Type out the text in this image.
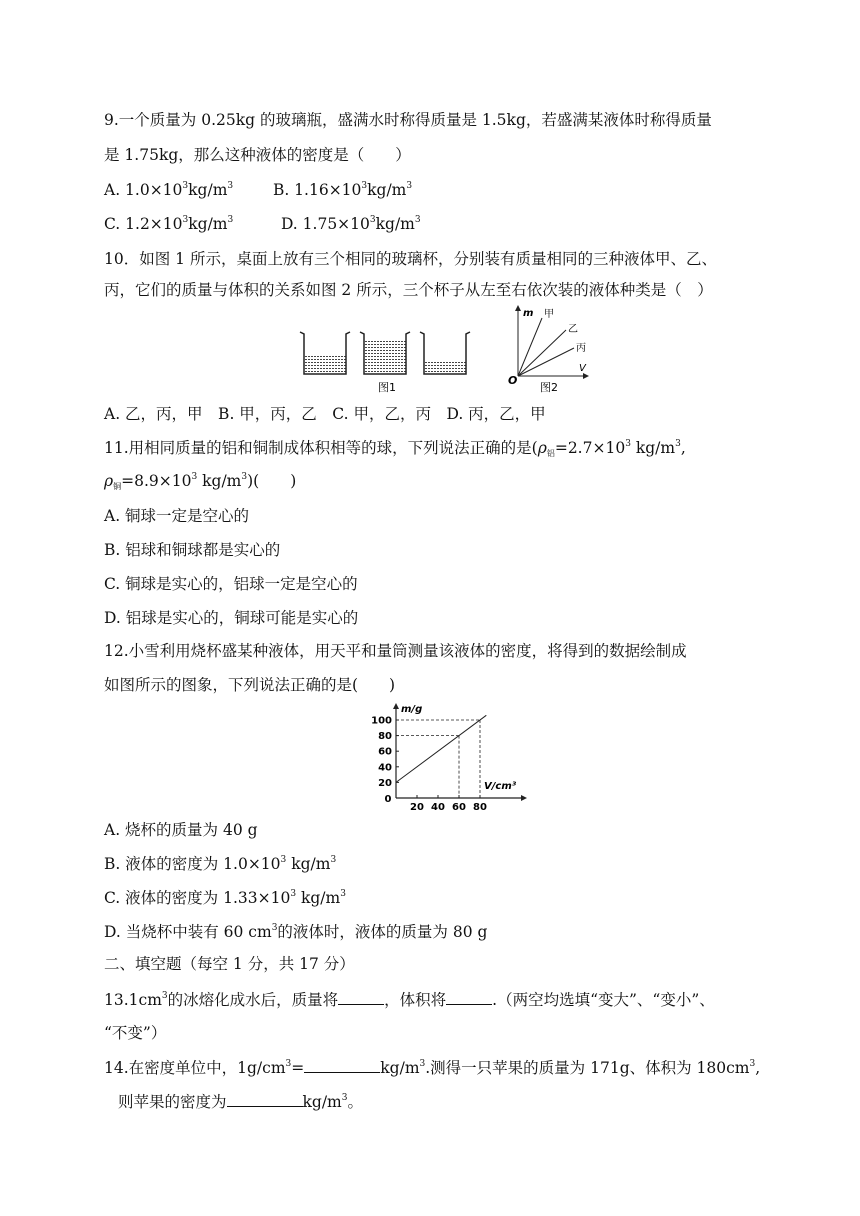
9.一个质量为 0.25kg 的玻璃瓶，盛满水时称得质量是 1.5kg，若盛满某液体时称得质量
是 1.75kg，那么这种液体的密度是（　　）
A. $1.0\times 10^3kg/m^3$	B. $1.16\times 10^3kg/m^3$
C. $1.2\times 10^3kg/m^3$	D. $1.75\times 10^3kg/m^3$
10．如图 1 所示，桌面上放有三个相同的玻璃杯，分别装有质量相同的三种液体甲、乙、
丙，它们的质量与体积的关系如图 2 所示，三个杯子从左至右依次装的液体种类是（　）
图1
m 甲
乙
丙
O
V
图2
A. 乙，丙，甲　B. 甲，丙，乙　C. 甲，乙，丙　D. 丙，乙，甲
11.用相同质量的铝和铜制成体积相等的球，下列说法正确的是($\rho_铝=2.7\times 10^3$ $kg/m^3$,
$\rho_铜=8.9\times 10^3$ $kg/m^3$)(　　)
A. 铜球一定是空心的
B. 铝球和铜球都是实心的
C. 铜球是实心的，铝球一定是空心的
D. 铝球是实心的，铜球可能是实心的
12.小雪利用烧杯盛某种液体，用天平和量筒测量该液体的密度，将得到的数据绘制成
如图所示的图象，下列说法正确的是(　　)
20
40
60
80
100
0
20 40 60 80
m/g
V/cm³
A. 烧杯的质量为 40 g
B. 液体的密度为 $1.0\times 10^3$ $kg/m^3$
C. 液体的密度为 $1.33\times 10^3$ $kg/m^3$
D. 当烧杯中装有 60 $cm^3$的液体时，液体的质量为 80 g
二、填空题（每空 1 分，共 17 分）
$13.1cm^3$的冰熔化成水后，质量将	，体积将	.（两空均选填“变大”、“变小”、
“不变”）
14.在密度单位中，$1g/cm^3=$	$kg/m^3$.测得一只苹果的质量为 171g、体积为 $180cm^3$,
则苹果的密度为	$kg/m^3$。
